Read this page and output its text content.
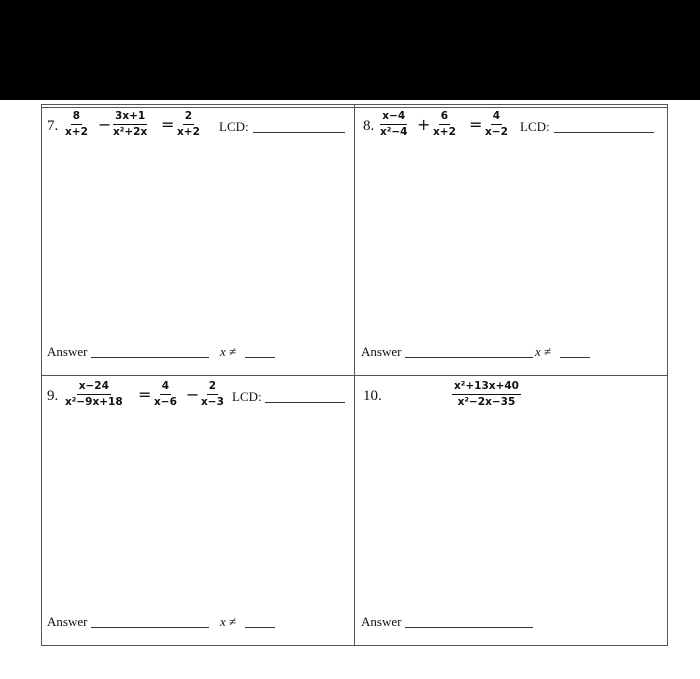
7. $\frac{8}{x+2} - \frac{3x+1}{\text{x²+2x}} = \frac{2}{x+2}$ LCD:
Answer	x ≠
8. $\frac{x-4}{\text{x²−4}} + \frac{6}{x+2} = \frac{4}{x-2}$ LCD:
Answer	x ≠
9. $\frac{x-24}{\text{x²−9x+18}} = \frac{4}{x-6} - \frac{2}{x-3}$ LCD:
Answer	x ≠
10.	$\frac{\text{x²+13x+40}}{\text{x²−2x−35}}$
Answer
